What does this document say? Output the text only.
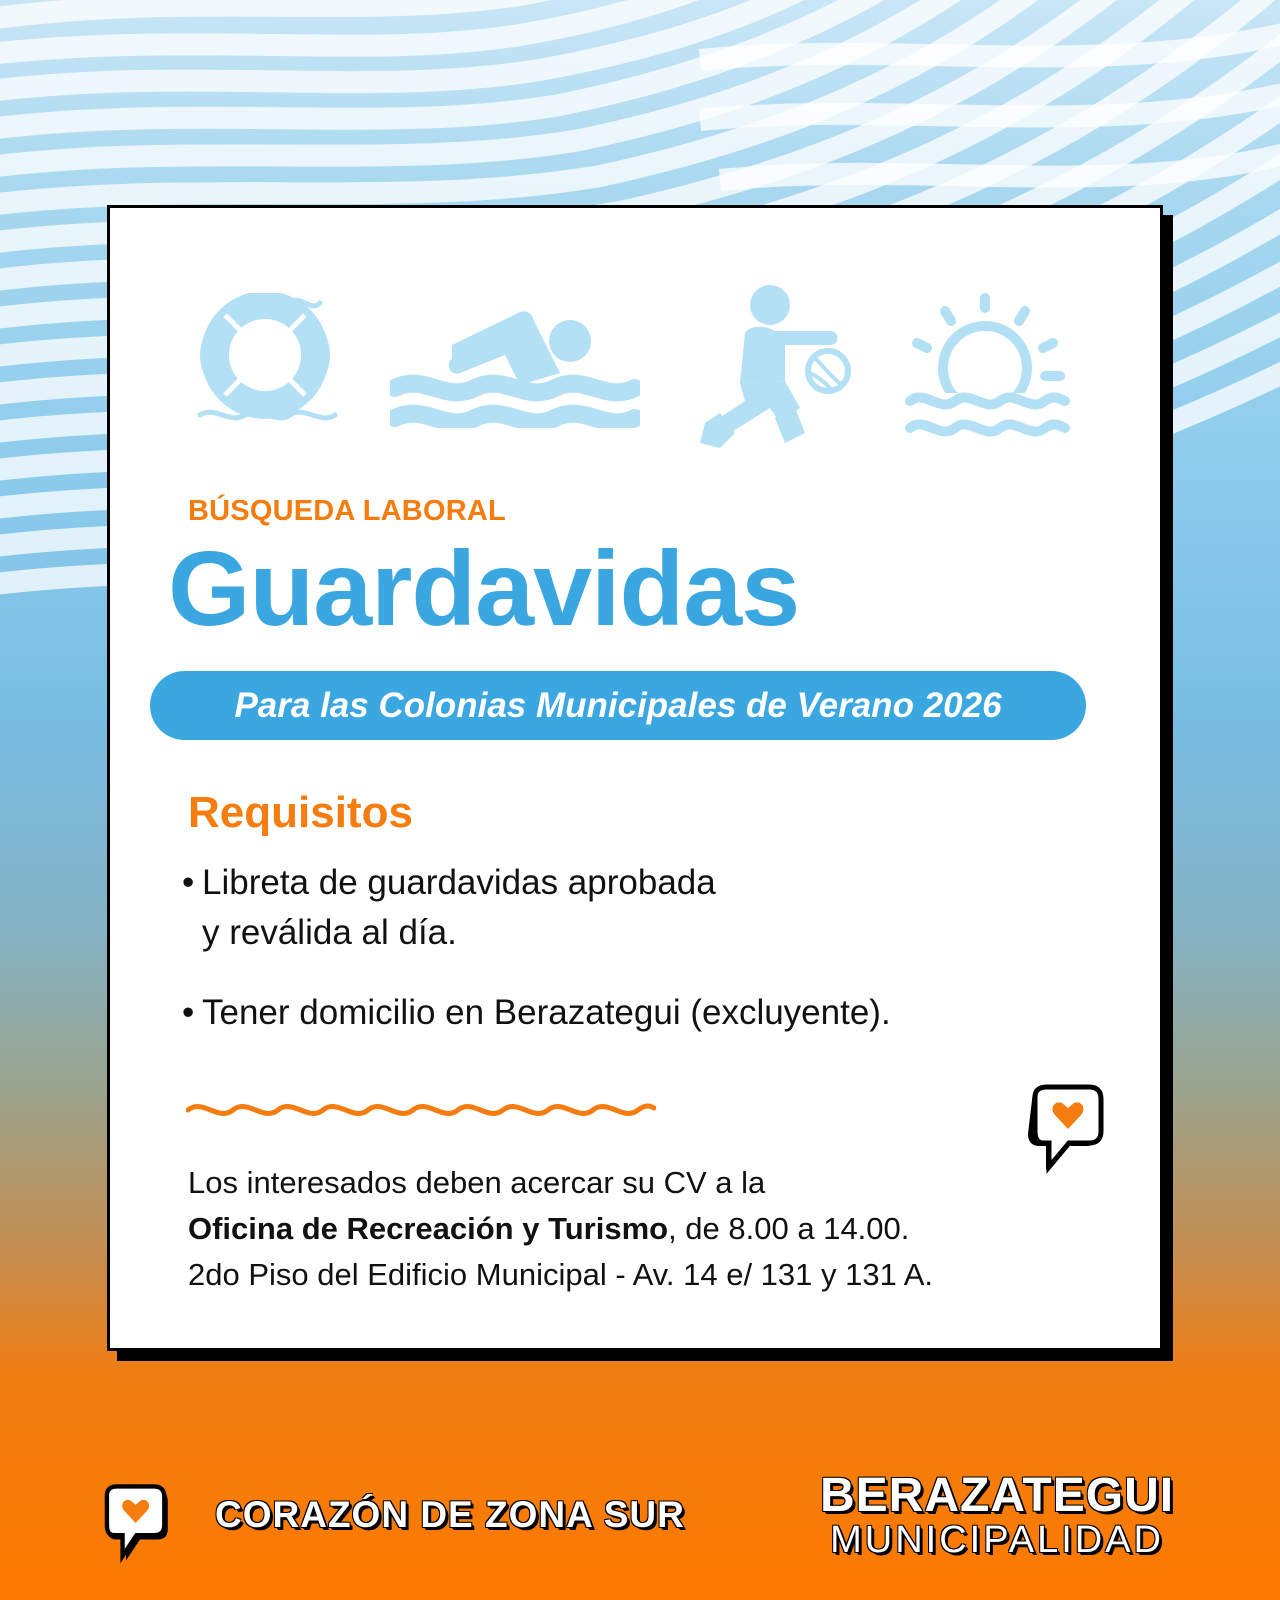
BÚSQUEDA LABORAL
Guardavidas
Para las Colonias Municipales de Verano 2026
Requisitos
• Libreta de guardavidas aprobada
y reválida al día.
• Tener domicilio en Berazategui (excluyente).
Los interesados deben acercar su CV a la
Oficina de Recreación y Turismo, de 8.00 a 14.00.
2do Piso del Edificio Municipal - Av. 14 e/ 131 y 131 A.
CORAZÓN DE ZONA SUR	BERAZATEGUI
MUNICIPALIDAD
